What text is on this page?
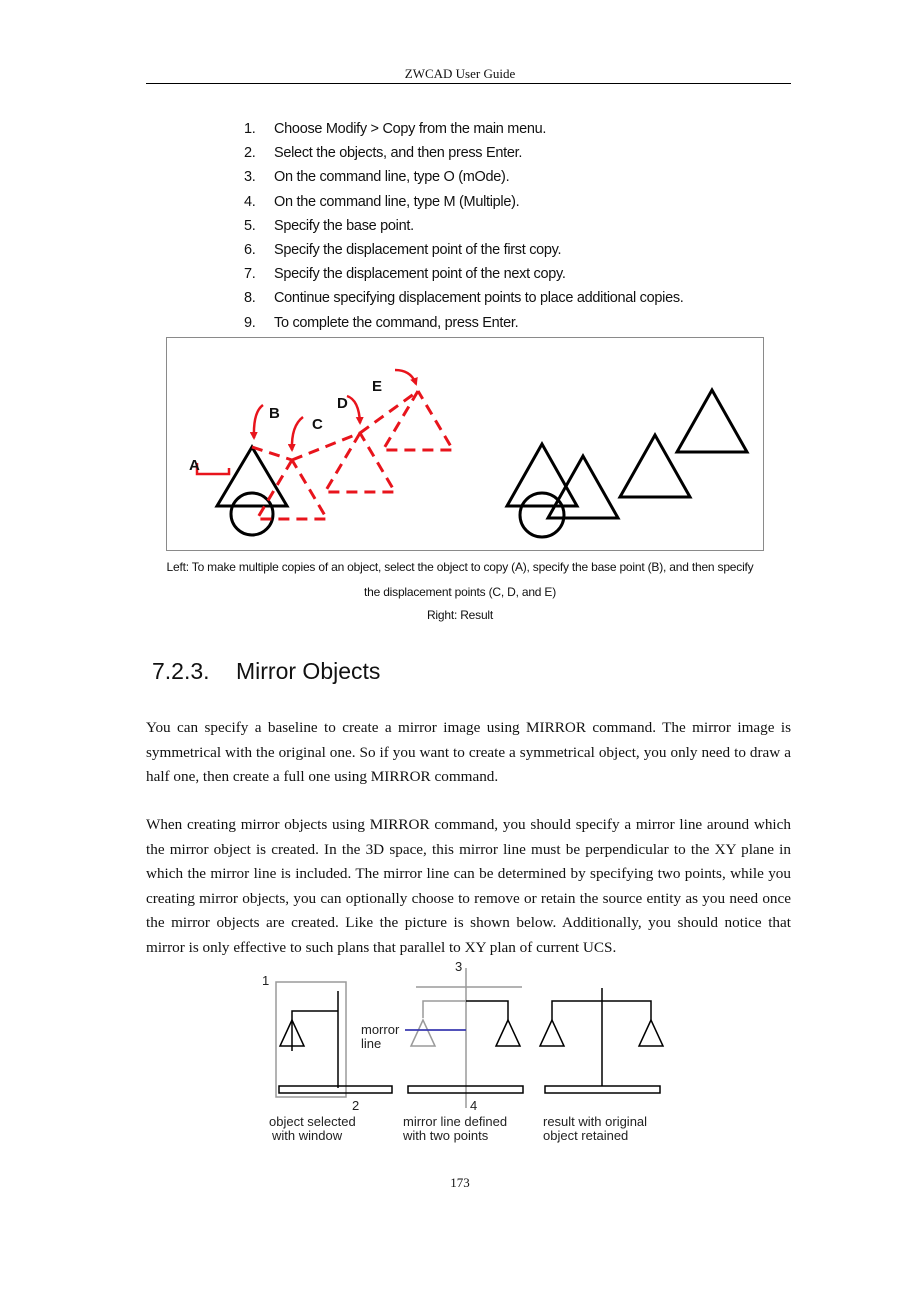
ZWCAD User Guide
1.	Choose Modify > Copy from the main menu.
2.	Select the objects, and then press Enter.
3.	On the command line, type O (mOde).
4.	On the command line, type M (Multiple).
5.	Specify the base point.
6.	Specify the displacement point of the first copy.
7.	Specify the displacement point of the next copy.
8.	Continue specifying displacement points to place additional copies.
9.	To complete the command, press Enter.
A
B
C
D
E
Left: To make multiple copies of an object, select the object to copy (A), specify the base point (B), and then specify
the displacement points (C, D, and E)
Right: Result
7.2.3.	Mirror Objects

You can specify a baseline to create a mirror image using MIRROR command. The mirror image is symmetrical with the original one. So if you want to create a symmetrical object, you only need to draw a half one, then create a full one using MIRROR command.

When creating mirror objects using MIRROR command, you should specify a mirror line around which the mirror object is created. In the 3D space, this mirror line must be perpendicular to the XY plane in which the mirror line is included. The mirror line can be determined by specifying two points, while you creating mirror objects, you can optionally choose to remove or retain the source entity as you need once the mirror objects are created. Like the picture is shown below. Additionally, you should notice that mirror is only effective to such plans that parallel to XY plan of current UCS.

1
2
object selected
with window
morror
line
3
4
mirror line defined
with two points
result with original
object retained
173
